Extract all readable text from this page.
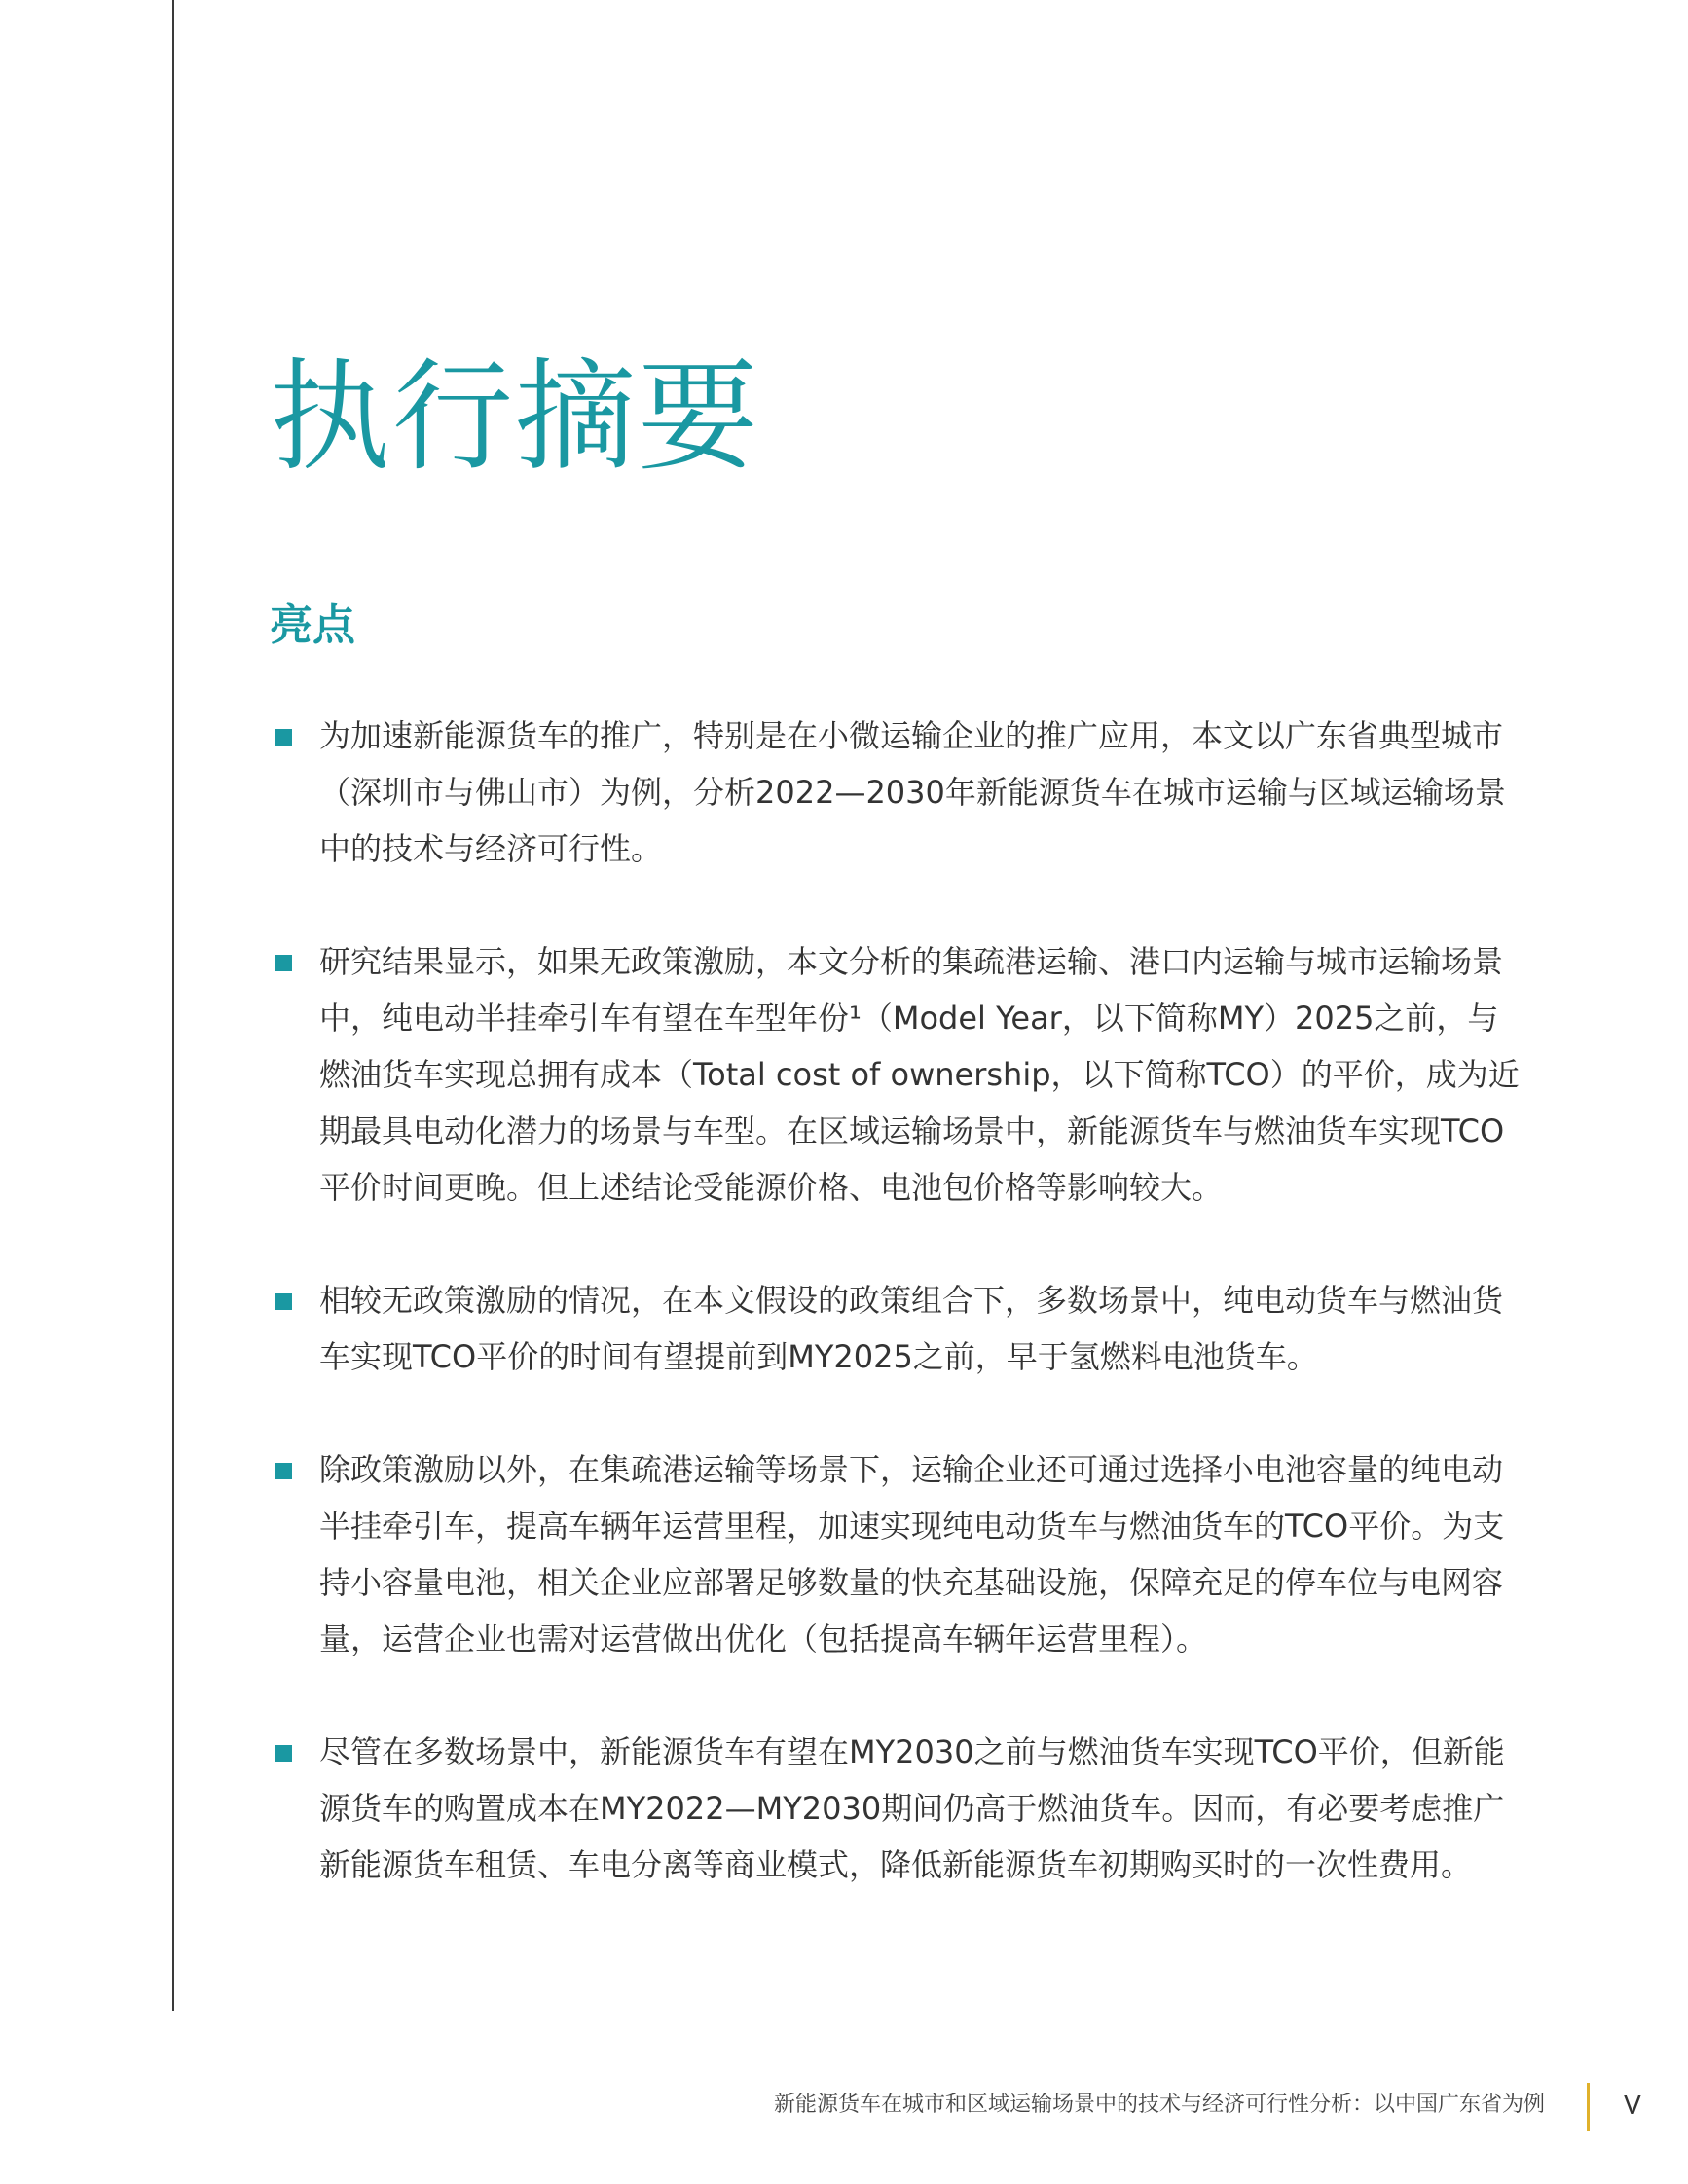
执行摘要
亮点
为加速新能源货车的推广，特别是在小微运输企业的推广应用，本文以广东省典型城市（深圳市与佛山市）为例，分析2022—2030年新能源货车在城市运输与区域运输场景中的技术与经济可行性。
研究结果显示，如果无政策激励，本文分析的集疏港运输、港口内运输与城市运输场景中，纯电动半挂牵引车有望在车型年份¹（Model Year，以下简称MY）2025之前，与燃油货车实现总拥有成本（Total cost of ownership，以下简称TCO）的平价，成为近期最具电动化潜力的场景与车型。在区域运输场景中，新能源货车与燃油货车实现TCO平价时间更晚。但上述结论受能源价格、电池包价格等影响较大。
相较无政策激励的情况，在本文假设的政策组合下，多数场景中，纯电动货车与燃油货车实现TCO平价的时间有望提前到MY2025之前，早于氢燃料电池货车。
除政策激励以外，在集疏港运输等场景下，运输企业还可通过选择小电池容量的纯电动半挂牵引车，提高车辆年运营里程，加速实现纯电动货车与燃油货车的TCO平价。为支持小容量电池，相关企业应部署足够数量的快充基础设施，保障充足的停车位与电网容量，运营企业也需对运营做出优化（包括提高车辆年运营里程）。
尽管在多数场景中，新能源货车有望在MY2030之前与燃油货车实现TCO平价，但新能源货车的购置成本在MY2022—MY2030期间仍高于燃油货车。因而，有必要考虑推广新能源货车租赁、车电分离等商业模式，降低新能源货车初期购买时的一次性费用。
新能源货车在城市和区域运输场景中的技术与经济可行性分析：以中国广东省为例	V
